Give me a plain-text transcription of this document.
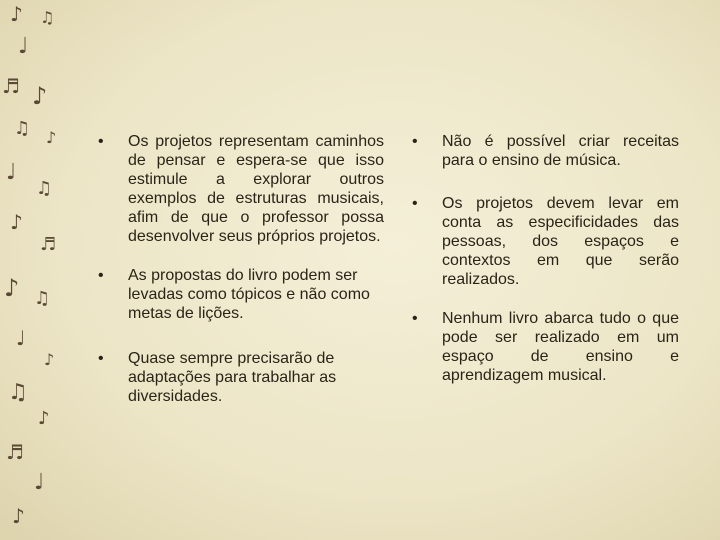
♪ ♫
♩
♬ ♪
♫ ♪
♩
♫
♪
♬
♪ ♫
♩
♪
♫
♪
♬
♩
♪
• Os projetos representam caminhos de pensar e espera-se que isso estimule a explorar outros exemplos de estruturas musicais, afim de que o professor possa desenvolver seus próprios projetos.
• As propostas do livro podem ser levadas como tópicos e não como metas de lições.
• Quase sempre precisarão de adaptações para trabalhar as diversidades.
• Não é possível criar receitas para o ensino de música.
• Os projetos devem levar em conta as especificidades das pessoas, dos espaços e contextos em que serão realizados.
• Nenhum livro abarca tudo o que pode ser realizado em um espaço de ensino e aprendizagem musical.
